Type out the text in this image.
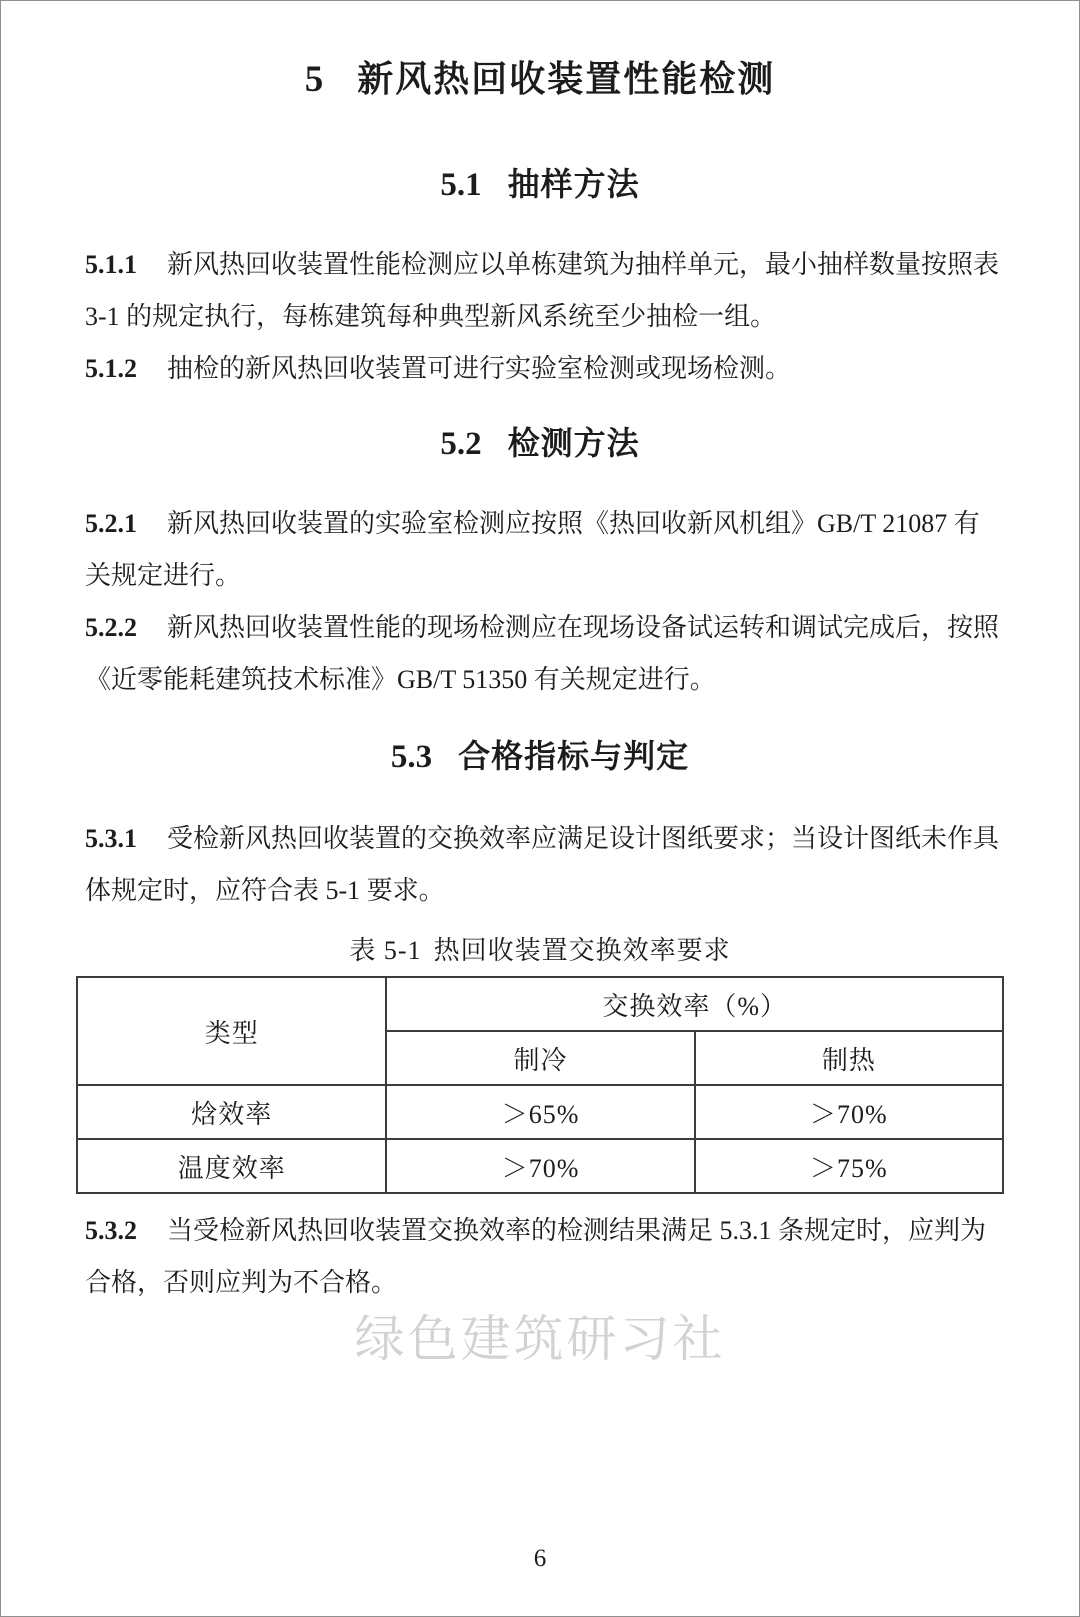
5 新风热回收装置性能检测
5.1 抽样方法
5.1.1 新风热回收装置性能检测应以单栋建筑为抽样单元，最小抽样数量按照表
3-1 的规定执行，每栋建筑每种典型新风系统至少抽检一组。
5.1.2 抽检的新风热回收装置可进行实验室检测或现场检测。
5.2 检测方法
5.2.1 新风热回收装置的实验室检测应按照《热回收新风机组》GB/T 21087 有
关规定进行。
5.2.2 新风热回收装置性能的现场检测应在现场设备试运转和调试完成后，按照
《近零能耗建筑技术标准》GB/T 51350 有关规定进行。
5.3 合格指标与判定
5.3.1 受检新风热回收装置的交换效率应满足设计图纸要求；当设计图纸未作具
体规定时，应符合表 5-1 要求。
表 5-1 热回收装置交换效率要求
类型	交换效率（%）	
	制冷	制热
焓效率	＞65%	＞70%
温度效率	＞70%	＞75%
5.3.2 当受检新风热回收装置交换效率的检测结果满足 5.3.1 条规定时，应判为
合格，否则应判为不合格。
绿色建筑研习社
6
